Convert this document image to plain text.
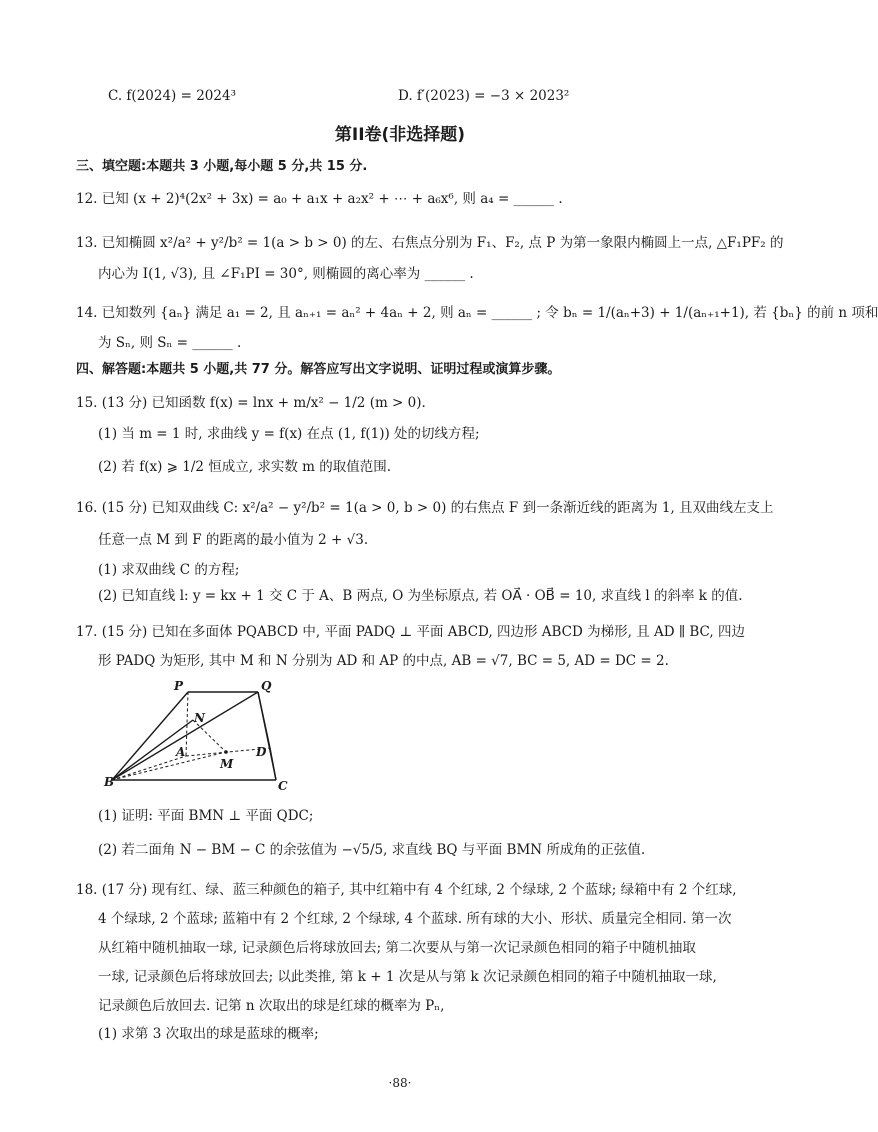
C. f(2024) = 2024³	D. f′(2023) = −3 × 2023²
第II卷(非选择题)
三、填空题:本题共 3 小题,每小题 5 分,共 15 分.
12. 已知 (x + 2)⁴(2x² + 3x) = a₀ + a₁x + a₂x² + ⋯ + a₆x⁶, 则 a₄ = ______ .
13. 已知椭圆 x²/a² + y²/b² = 1(a > b > 0) 的左、右焦点分别为 F₁、F₂, 点 P 为第一象限内椭圆上一点, △F₁PF₂ 的
内心为 I(1, √3), 且 ∠F₁PI = 30°, 则椭圆的离心率为 ______ .
14. 已知数列 {aₙ} 满足 a₁ = 2, 且 aₙ₊₁ = aₙ² + 4aₙ + 2, 则 aₙ = ______ ; 令 bₙ = 1/(aₙ+3) + 1/(aₙ₊₁+1), 若 {bₙ} 的前 n 项和
为 Sₙ, 则 Sₙ = ______ .
四、解答题:本题共 5 小题,共 77 分。解答应写出文字说明、证明过程或演算步骤。
15. (13 分) 已知函数 f(x) = lnx + m/x² − 1/2 (m > 0).
(1) 当 m = 1 时, 求曲线 y = f(x) 在点 (1, f(1)) 处的切线方程;
(2) 若 f(x) ⩾ 1/2 恒成立, 求实数 m 的取值范围.
16. (15 分) 已知双曲线 C: x²/a² − y²/b² = 1(a > 0, b > 0) 的右焦点 F 到一条渐近线的距离为 1, 且双曲线左支上
任意一点 M 到 F 的距离的最小值为 2 + √3.
(1) 求双曲线 C 的方程;
(2) 已知直线 l: y = kx + 1 交 C 于 A、B 两点, O 为坐标原点, 若 OA⃗ · OB⃗ = 10, 求直线 l 的斜率 k 的值.
17. (15 分) 已知在多面体 PQABCD 中, 平面 PADQ ⊥ 平面 ABCD, 四边形 ABCD 为梯形, 且 AD ∥ BC, 四边
形 PADQ 为矩形, 其中 M 和 N 分别为 AD 和 AP 的中点, AB = √7, BC = 5, AD = DC = 2.
P	Q
N
A	D
M
B	C
(1) 证明: 平面 BMN ⊥ 平面 QDC;
(2) 若二面角 N − BM − C 的余弦值为 −√5/5, 求直线 BQ 与平面 BMN 所成角的正弦值.
18. (17 分) 现有红、绿、蓝三种颜色的箱子, 其中红箱中有 4 个红球, 2 个绿球, 2 个蓝球; 绿箱中有 2 个红球,
4 个绿球, 2 个蓝球; 蓝箱中有 2 个红球, 2 个绿球, 4 个蓝球. 所有球的大小、形状、质量完全相同. 第一次
从红箱中随机抽取一球, 记录颜色后将球放回去; 第二次要从与第一次记录颜色相同的箱子中随机抽取
一球, 记录颜色后将球放回去; 以此类推, 第 k + 1 次是从与第 k 次记录颜色相同的箱子中随机抽取一球,
记录颜色后放回去. 记第 n 次取出的球是红球的概率为 Pₙ,
(1) 求第 3 次取出的球是蓝球的概率;
·88·
